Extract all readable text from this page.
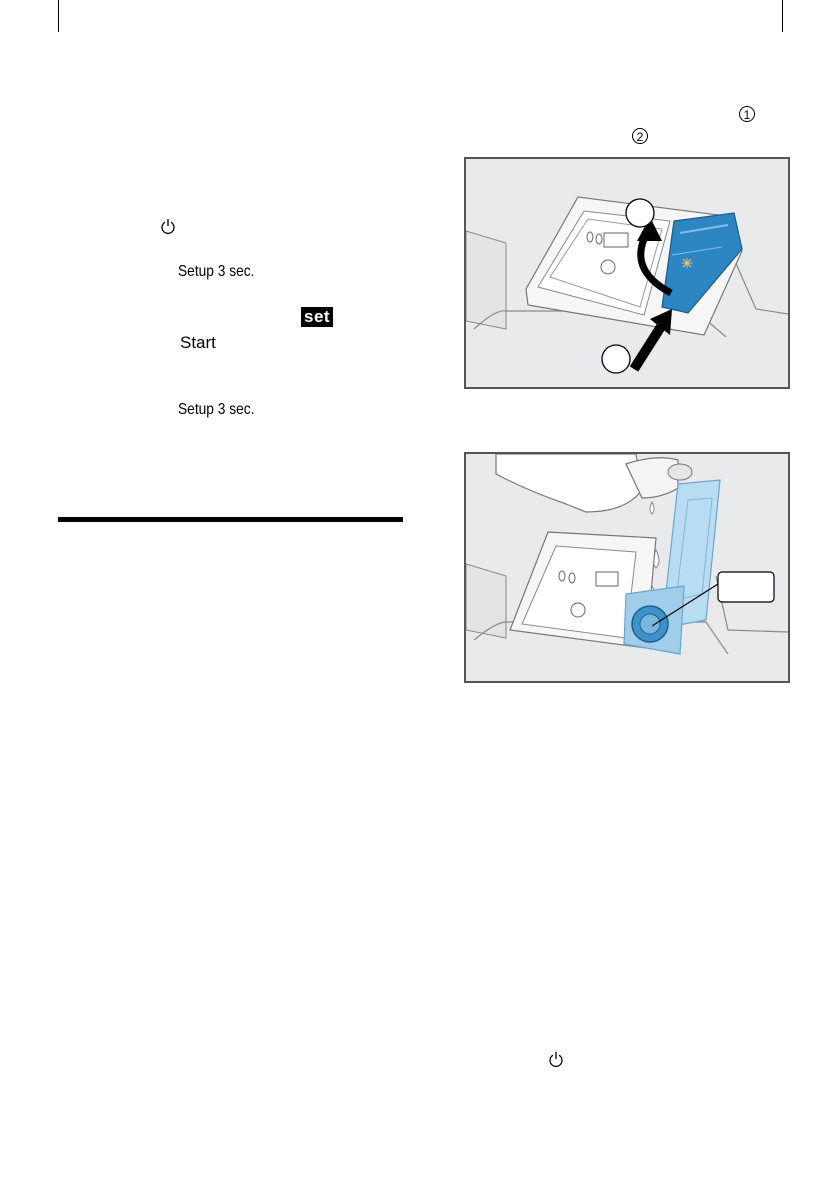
1
2
Setup 3 sec.
set
Start
Setup 3 sec.
